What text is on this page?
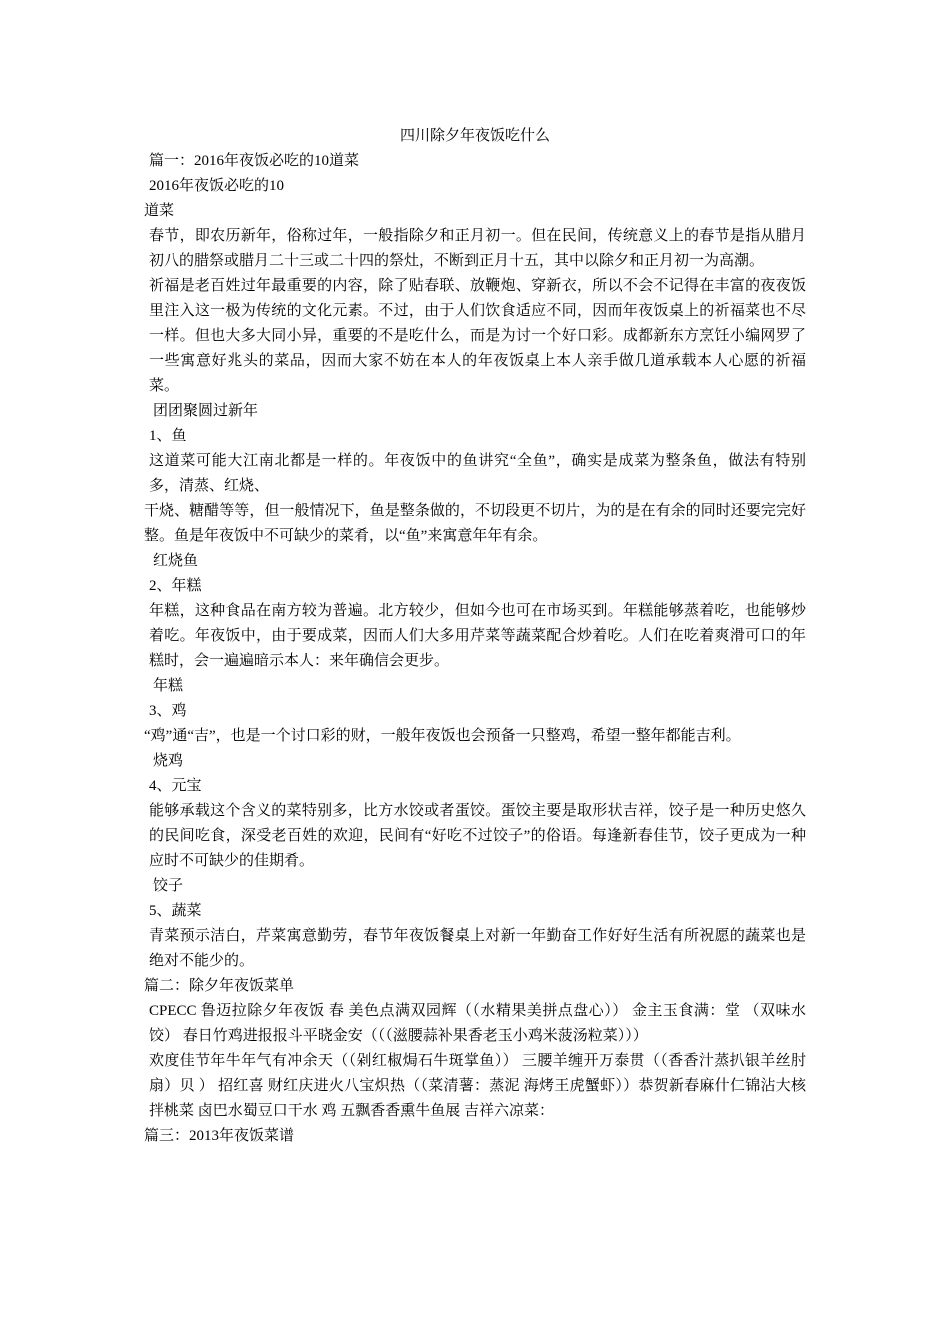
四川除夕年夜饭吃什么

篇一：2016年夜饭必吃的10道菜

2016年夜饭必吃的10

道菜

春节，即农历新年，俗称过年，一般指除夕和正月初一。但在民间，传统意义上的春节是指从腊月初八的腊祭或腊月二十三或二十四的祭灶，不断到正月十五，其中以除夕和正月初一为高潮。

祈福是老百姓过年最重要的内容，除了贴春联、放鞭炮、穿新衣，所以不会不记得在丰富的夜夜饭里注入这一极为传统的文化元素。不过，由于人们饮食适应不同，因而年夜饭桌上的祈福菜也不尽一样。但也大多大同小异，重要的不是吃什么，而是为讨一个好口彩。成都新东方烹饪小编网罗了一些寓意好兆头的菜品，因而大家不妨在本人的年夜饭桌上本人亲手做几道承载本人心愿的祈福菜。

团团聚圆过新年

1、鱼

这道菜可能大江南北都是一样的。年夜饭中的鱼讲究“全鱼”，确实是成菜为整条鱼，做法有特别多，清蒸、红烧、

干烧、糖醋等等，但一般情况下，鱼是整条做的，不切段更不切片，为的是在有余的同时还要完完好整。鱼是年夜饭中不可缺少的菜肴，以“鱼”来寓意年年有余。

红烧鱼

2、年糕

年糕，这种食品在南方较为普遍。北方较少，但如今也可在市场买到。年糕能够蒸着吃，也能够炒着吃。年夜饭中，由于要成菜，因而人们大多用芹菜等蔬菜配合炒着吃。人们在吃着爽滑可口的年糕时，会一遍遍暗示本人：来年确信会更步。

年糕

3、鸡

“鸡”通“吉”，也是一个讨口彩的财，一般年夜饭也会预备一只整鸡，希望一整年都能吉利。

烧鸡

4、元宝

能够承载这个含义的菜特别多，比方水饺或者蛋饺。蛋饺主要是取形状吉祥，饺子是一种历史悠久的民间吃食，深受老百姓的欢迎，民间有“好吃不过饺子”的俗语。每逢新春佳节，饺子更成为一种应时不可缺少的佳期肴。

饺子

5、蔬菜

青菜预示洁白，芹菜寓意勤劳，春节年夜饭餐桌上对新一年勤奋工作好好生活有所祝愿的蔬菜也是绝对不能少的。

篇二：除夕年夜饭菜单

CPECC 鲁迈拉除夕年夜饭 春 美色点满双园辉（（水精果美拼点盘心）） 金主玉食满：堂 （双味水饺） 春日竹鸡进报报斗平晓金安（（（滋腰蒜补果香老玉小鸡米菠汤粒菜）））

欢度佳节年牛年气有冲余天（（剁红椒焗石牛斑掌鱼）） 三腰羊缠开万泰贯（（香香汁蒸扒银羊丝肘扇）贝 ） 招红喜 财红庆进火八宝炽热（（菜清薯：蒸泥 海烤王虎蟹虾））恭贺新春麻什仁锦沾大核拌桃菜 卤巴水蜀豆口干水 鸡 五飘香香熏牛鱼展 吉祥六凉菜：

篇三：2013年夜饭菜谱
